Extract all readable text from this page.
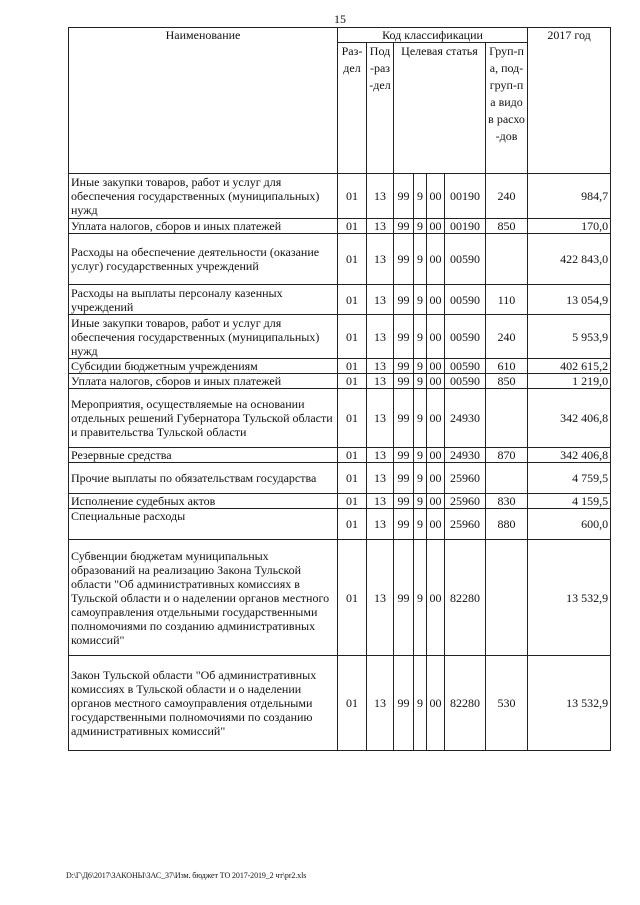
15
Наименование	Код классификации							2017 год
	Раз-дел	Под-раз-дел	Целевая статья				Груп-па, под-груп-па видов расхо-дов	
Иные закупки товаров, работ и услуг для обеспечения государственных (муниципальных) нужд	01	13	99	9	00	00190	240	984,7
Уплата налогов, сборов и иных платежей	01	13	99	9	00	00190	850	170,0
Расходы на обеспечение деятельности (оказание услуг) государственных учреждений	01	13	99	9	00	00590		422 843,0
Расходы на выплаты персоналу казенных учреждений	01	13	99	9	00	00590	110	13 054,9
Иные закупки товаров, работ и услуг для обеспечения государственных (муниципальных) нужд	01	13	99	9	00	00590	240	5 953,9
Субсидии бюджетным учреждениям	01	13	99	9	00	00590	610	402 615,2
Уплата налогов, сборов и иных платежей	01	13	99	9	00	00590	850	1 219,0
Мероприятия, осуществляемые на основании отдельных решений Губернатора Тульской области и правительства Тульской области	01	13	99	9	00	24930		342 406,8
Резервные средства	01	13	99	9	00	24930	870	342 406,8
Прочие выплаты по обязательствам государства	01	13	99	9	00	25960		4 759,5
Исполнение судебных актов	01	13	99	9	00	25960	830	4 159,5
Специальные расходы	01	13	99	9	00	25960	880	600,0
Субвенции бюджетам муниципальных образований на реализацию Закона Тульской области "Об административных комиссиях в Тульской области и о наделении органов местного самоуправления отдельными государственными полномочиями по созданию административных комиссий"	01	13	99	9	00	82280		13 532,9
Закон Тульской области "Об административных комиссиях в Тульской области и о наделении органов местного самоуправления отдельными государственными полномочиями по созданию административных комиссий"	01	13	99	9	00	82280	530	13 532,9
D:\Г\Д6\2017\ЗАКОНЫ\ЗАС_37\Изм. бюджет ТО 2017-2019_2 чт\pr2.xls
